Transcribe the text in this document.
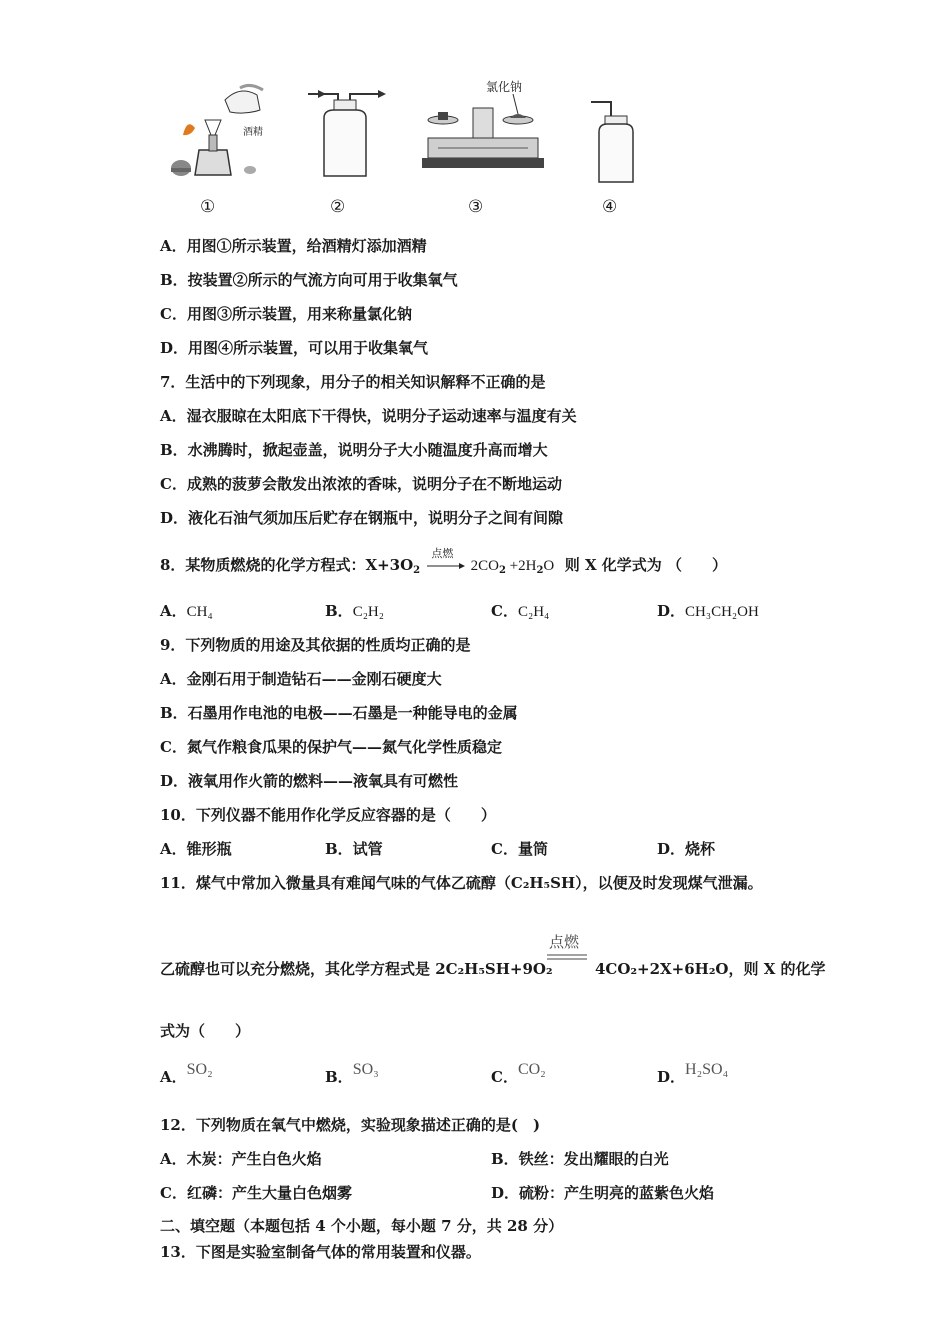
酒精
氯化钠
①	②	③	④
A．用图①所示装置，给酒精灯添加酒精
B．按装置②所示的气流方向可用于收集氧气
C．用图③所示装置，用来称量氯化钠
D．用图④所示装置，可以用于收集氧气
7．生活中的下列现象，用分子的相关知识解释不正确的是
A．湿衣服晾在太阳底下干得快，说明分子运动速率与温度有关
B．水沸腾时，掀起壶盖，说明分子大小随温度升高而增大
C．成熟的菠萝会散发出浓浓的香味，说明分子在不断地运动
D．液化石油气须加压后贮存在钢瓶中，说明分子之间有间隙
8．某物质燃烧的化学方程式：$X+3O_2$
点燃
$2CO_2 +2H_2O$ 则 X 化学式为 （　　）
A．CH₄	B．C₂H₂	C．C₂H₄	D．CH₃CH₂OH
9．下列物质的用途及其依据的性质均正确的是
A．金刚石用于制造钻石——金刚石硬度大
B．石墨用作电池的电极——石墨是一种能导电的金属
C．氮气作粮食瓜果的保护气——氮气化学性质稳定
D．液氧用作火箭的燃料——液氧具有可燃性
10．下列仪器不能用作化学反应容器的是（　　）
A．锥形瓶	B．试管	C．量筒	D．烧杯
11．煤气中常加入微量具有难闻气味的气体乙硫醇（C₂H₅SH），以便及时发现煤气泄漏。
点燃
乙硫醇也可以充分燃烧，其化学方程式是 2C₂H₅SH+9O₂	4CO₂+2X+6H₂O，则 X 的化学
式为（　　）
A．SO₂	B．SO₃	C．CO₂	D．H₂SO₄
12．下列物质在氧气中燃烧，实验现象描述正确的是(　)
A．木炭：产生白色火焰	B．铁丝：发出耀眼的白光
C．红磷：产生大量白色烟雾	D．硫粉：产生明亮的蓝紫色火焰
二、填空题（本题包括 4 个小题，每小题 7 分，共 28 分）
13．下图是实验室制备气体的常用装置和仪器。
